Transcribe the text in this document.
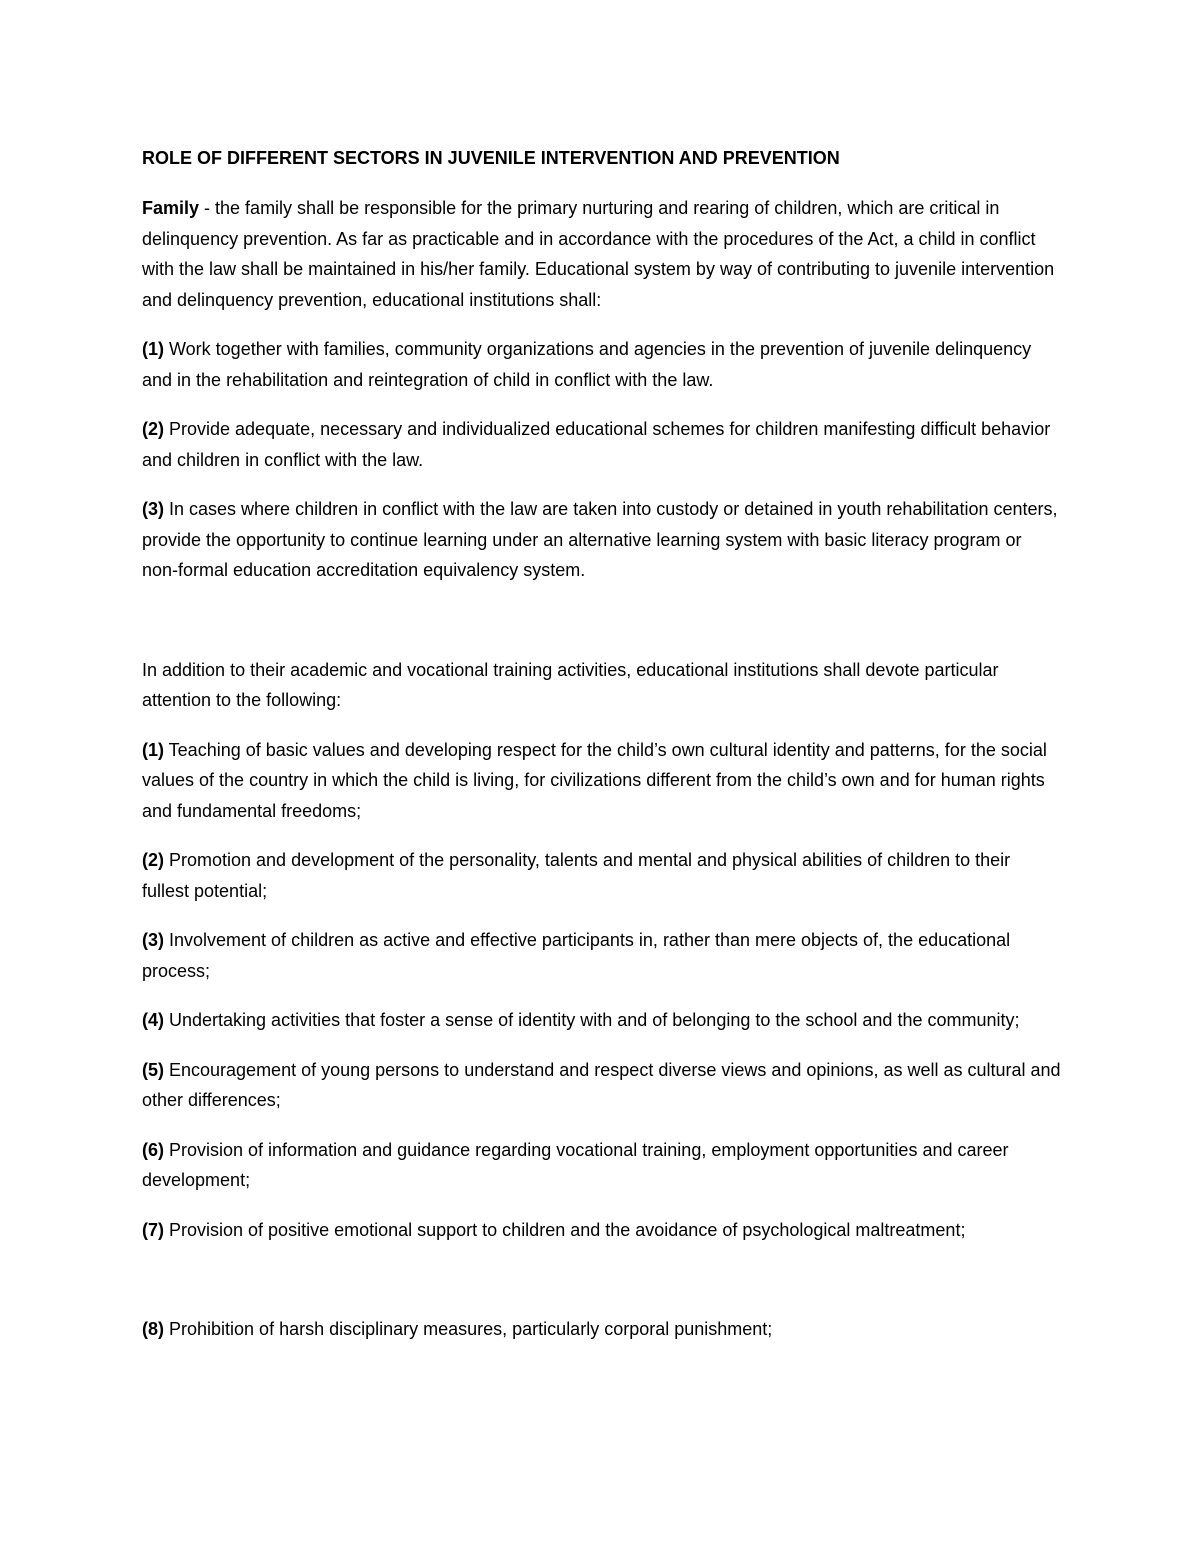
ROLE OF DIFFERENT SECTORS IN JUVENILE INTERVENTION AND PREVENTION

Family - the family shall be responsible for the primary nurturing and rearing of children, which are critical in delinquency prevention. As far as practicable and in accordance with the procedures of the Act, a child in conflict with the law shall be maintained in his/her family. Educational system by way of contributing to juvenile intervention and delinquency prevention, educational institutions shall:

(1) Work together with families, community organizations and agencies in the prevention of juvenile delinquency and in the rehabilitation and reintegration of child in conflict with the law.

(2) Provide adequate, necessary and individualized educational schemes for children manifesting difficult behavior and children in conflict with the law.

(3) In cases where children in conflict with the law are taken into custody or detained in youth rehabilitation centers, provide the opportunity to continue learning under an alternative learning system with basic literacy program or non-formal education accreditation equivalency system.

In addition to their academic and vocational training activities, educational institutions shall devote particular attention to the following:

(1) Teaching of basic values and developing respect for the child’s own cultural identity and patterns, for the social values of the country in which the child is living, for civilizations different from the child’s own and for human rights and fundamental freedoms;

(2) Promotion and development of the personality, talents and mental and physical abilities of children to their fullest potential;

(3) Involvement of children as active and effective participants in, rather than mere objects of, the educational process;

(4) Undertaking activities that foster a sense of identity with and of belonging to the school and the community;

(5) Encouragement of young persons to understand and respect diverse views and opinions, as well as cultural and other differences;

(6) Provision of information and guidance regarding vocational training, employment opportunities and career development;

(7) Provision of positive emotional support to children and the avoidance of psychological maltreatment;

(8) Prohibition of harsh disciplinary measures, particularly corporal punishment;
